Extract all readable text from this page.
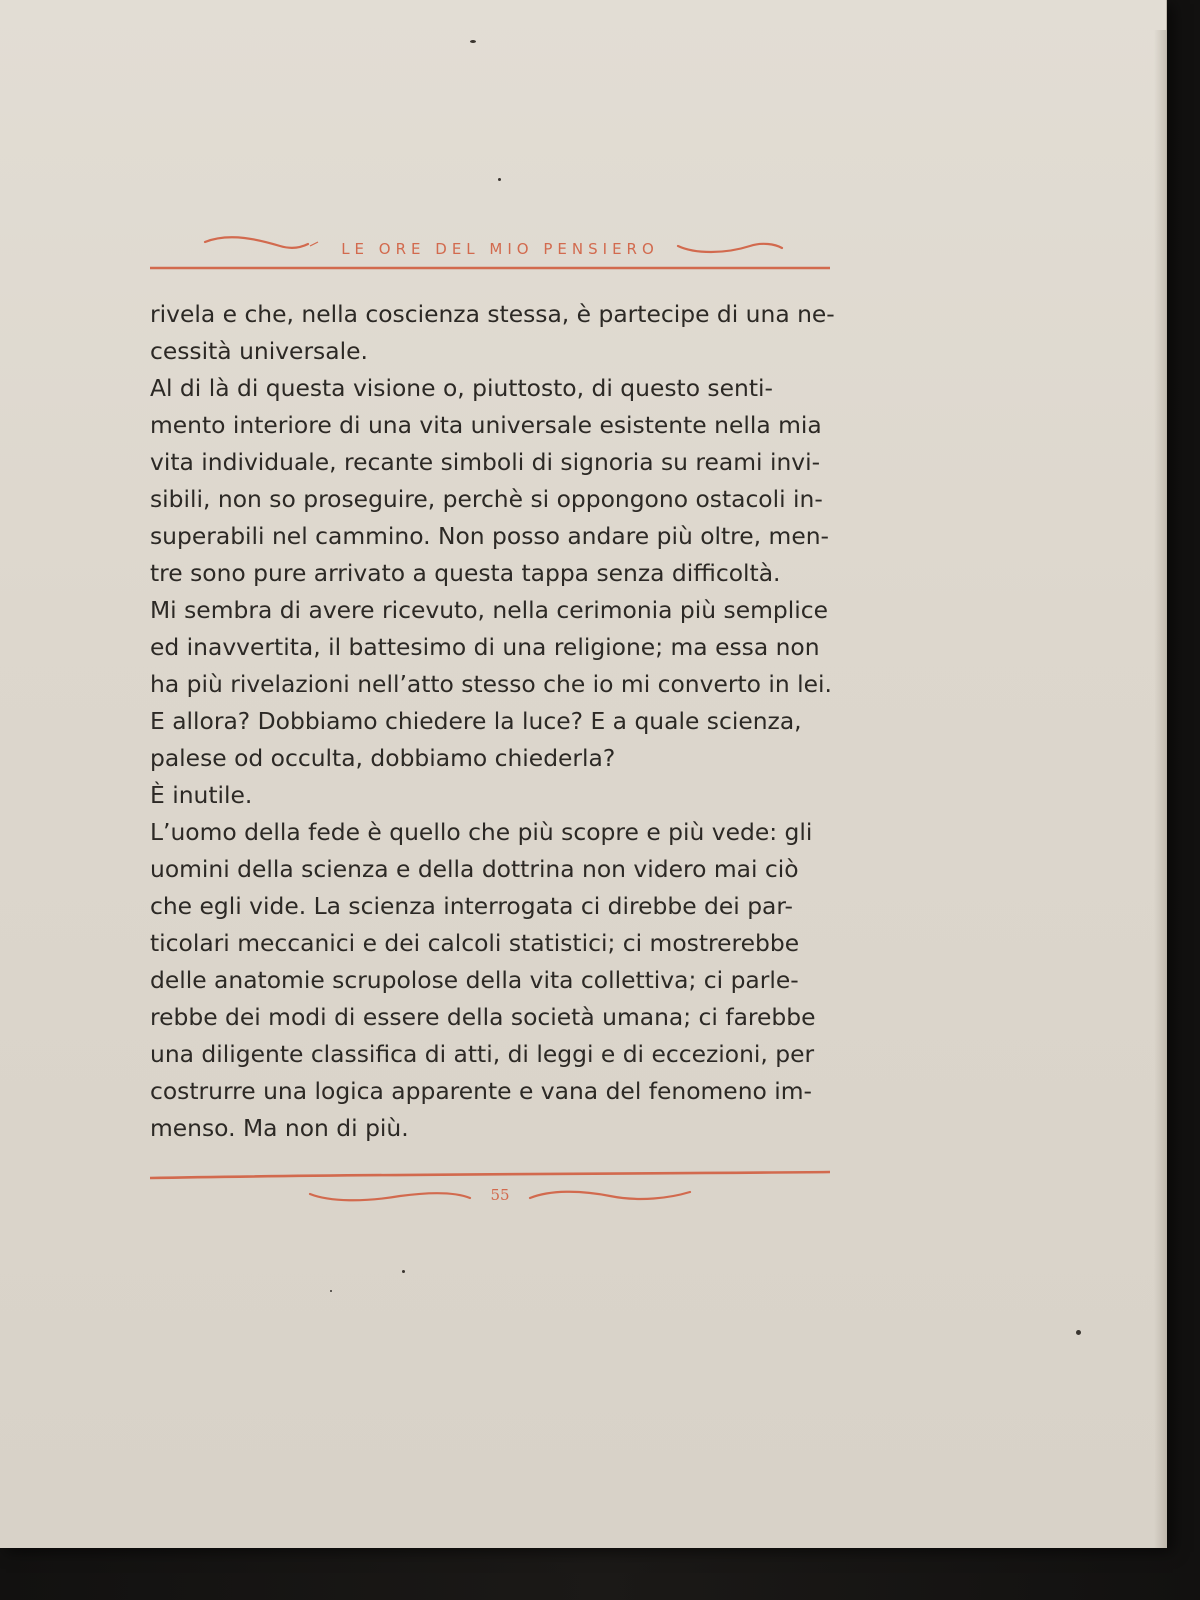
LE ORE DEL MIO PENSIERO
rivela e che, nella coscienza stessa, è partecipe di una ne-
cessità universale.
Al di là di questa visione o, piuttosto, di questo senti-
mento interiore di una vita universale esistente nella mia
vita individuale, recante simboli di signoria su reami invi-
sibili, non so proseguire, perchè si oppongono ostacoli in-
superabili nel cammino. Non posso andare più oltre, men-
tre sono pure arrivato a questa tappa senza difficoltà.
Mi sembra di avere ricevuto, nella cerimonia più semplice
ed inavvertita, il battesimo di una religione; ma essa non
ha più rivelazioni nell’atto stesso che io mi converto in lei.
E allora? Dobbiamo chiedere la luce? E a quale scienza,
palese od occulta, dobbiamo chiederla?
È inutile.
L’uomo della fede è quello che più scopre e più vede: gli
uomini della scienza e della dottrina non videro mai ciò
che egli vide. La scienza interrogata ci direbbe dei par-
ticolari meccanici e dei calcoli statistici; ci mostrerebbe
delle anatomie scrupolose della vita collettiva; ci parle-
rebbe dei modi di essere della società umana; ci farebbe
una diligente classifica di atti, di leggi e di eccezioni, per
costrurre una logica apparente e vana del fenomeno im-
menso. Ma non di più.
55
